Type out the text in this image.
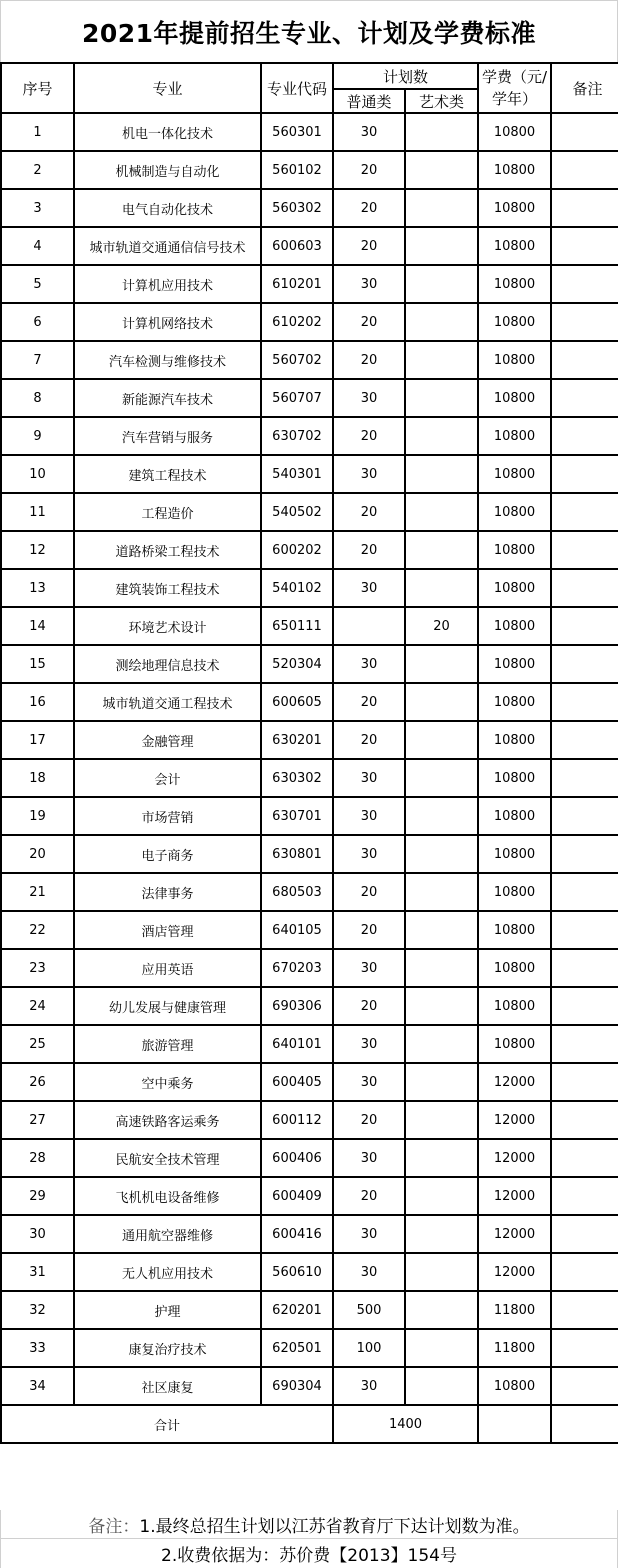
2021年提前招生专业、计划及学费标准
序号	专业	专业代码	计划数		学费（元/学年）	备注
			普通类	艺术类		
1	机电一体化技术	560301	30		10800	
2	机械制造与自动化	560102	20		10800	
3	电气自动化技术	560302	20		10800	
4	城市轨道交通通信信号技术	600603	20		10800	
5	计算机应用技术	610201	30		10800	
6	计算机网络技术	610202	20		10800	
7	汽车检测与维修技术	560702	20		10800	
8	新能源汽车技术	560707	30		10800	
9	汽车营销与服务	630702	20		10800	
10	建筑工程技术	540301	30		10800	
11	工程造价	540502	20		10800	
12	道路桥梁工程技术	600202	20		10800	
13	建筑装饰工程技术	540102	30		10800	
14	环境艺术设计	650111		20	10800	
15	测绘地理信息技术	520304	30		10800	
16	城市轨道交通工程技术	600605	20		10800	
17	金融管理	630201	20		10800	
18	会计	630302	30		10800	
19	市场营销	630701	30		10800	
20	电子商务	630801	30		10800	
21	法律事务	680503	20		10800	
22	酒店管理	640105	20		10800	
23	应用英语	670203	30		10800	
24	幼儿发展与健康管理	690306	20		10800	
25	旅游管理	640101	30		10800	
26	空中乘务	600405	30		12000	
27	高速铁路客运乘务	600112	20		12000	
28	民航安全技术管理	600406	30		12000	
29	飞机机电设备维修	600409	20		12000	
30	通用航空器维修	600416	30		12000	
31	无人机应用技术	560610	30		12000	
32	护理	620201	500		11800	
33	康复治疗技术	620501	100		11800	
34	社区康复	690304	30		10800	
合计			1400			
备注： 1.最终总招生计划以江苏省教育厅下达计划数为准。
2.收费依据为：苏价费【2013】154号
